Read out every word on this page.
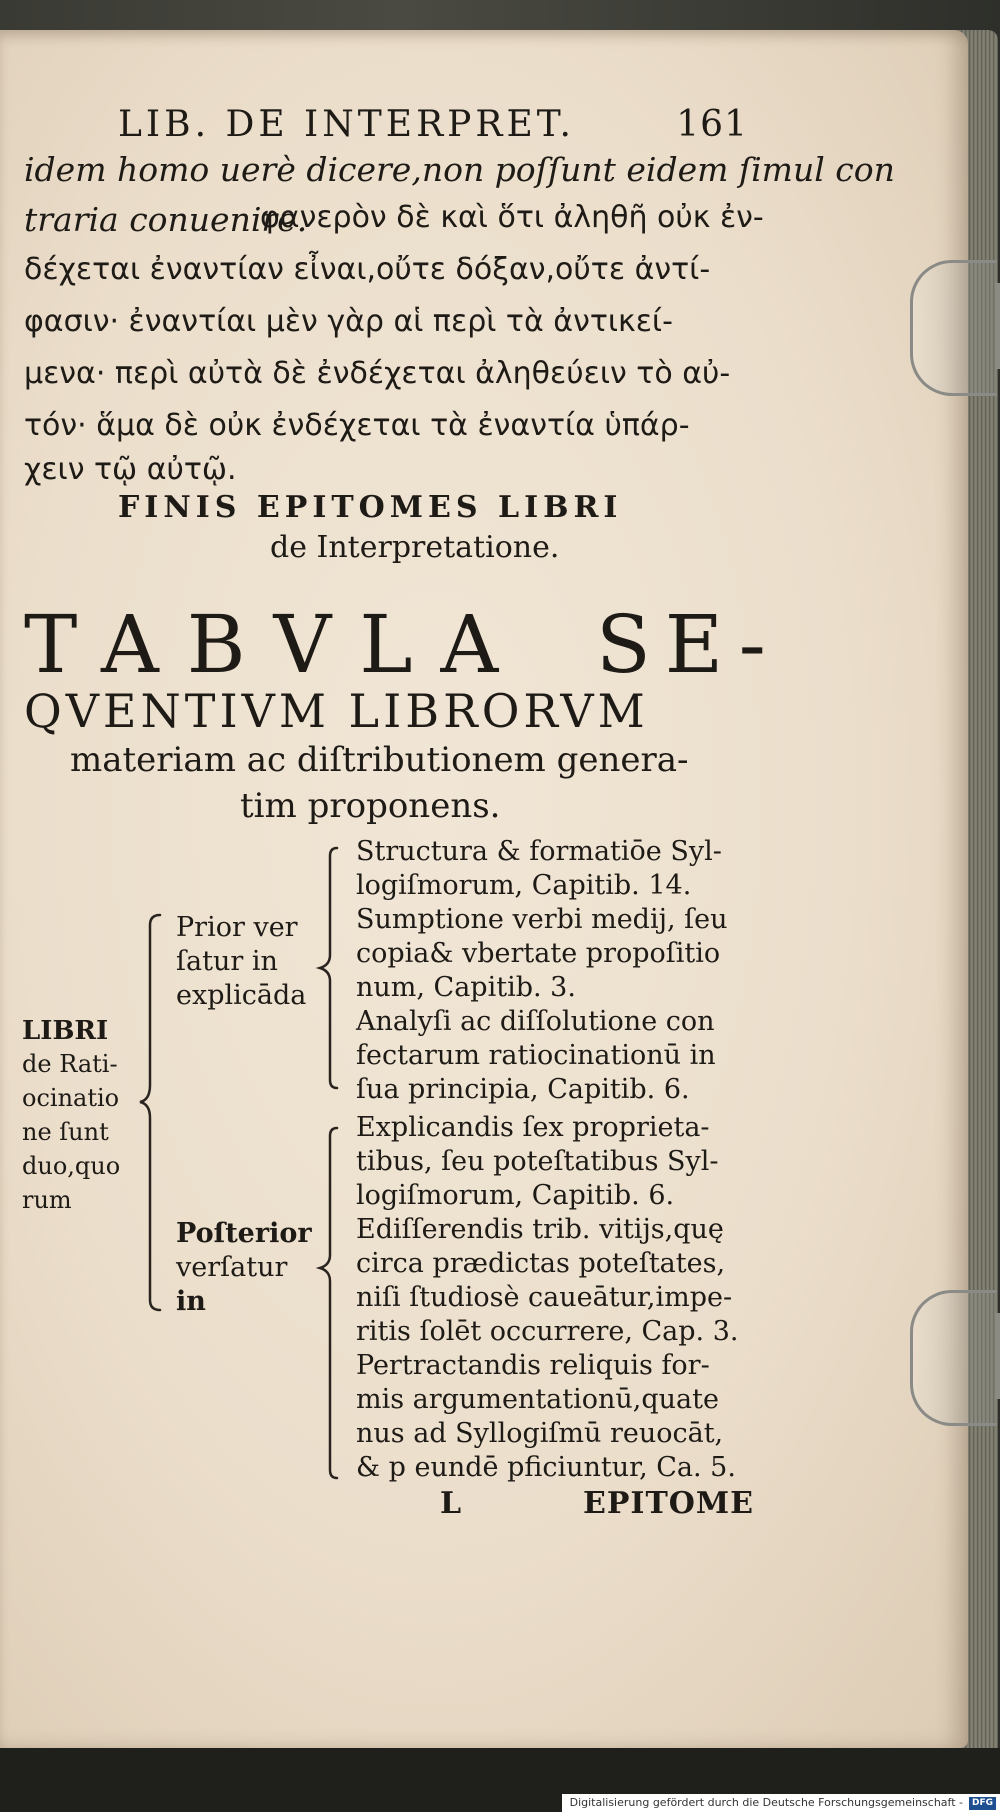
LIB. DE INTERPRET.	161
idem homo uerè dicere,non poſſunt eidem ſimul con
traria conuenire.
φανερὸν δὲ καὶ ὅτι ἀληθῆ οὐκ ἐν-
δέχεται ἐναντίαν εἶναι,οὔτε δόξαν,οὔτε ἀντί-
φασιν· ἐναντίαι μὲν γὰρ αἱ περὶ τὰ ἀντικεί-
μενα· περὶ αὐτὰ δὲ ἐνδέχεται ἀληθεύειν τὸ αὐ-
τόν· ἅμα δὲ οὐκ ἐνδέχεται τὰ ἐναντία ὑπάρ-
χειν τῷ αὐτῷ.
FINIS EPITOMES LIBRI
de Interpretatione.
TABVLA SE-
QVENTIVM LIBRORVM
materiam ac diſtributionem genera-
tim proponens.
LIBRI
de Rati-
ocinatio
ne ſunt
duo,quo
rum
Prior ver
ſatur in
explicāda
Poſterior
verſatur
in
Structura & formatiōe Syl-
logiſmorum, Capitib. 14.
Sumptione verbi medij, ſeu
copia& vbertate propoſitio
num, Capitib. 3.
Analyſi ac diſſolutione con
fectarum ratiocinationū in
ſua principia, Capitib. 6.
Explicandis ſex proprieta-
tibus, ſeu poteſtatibus Syl-
logiſmorum, Capitib. 6.
Ediſſerendis trib. vitijs,quę
circa prædictas poteſtates,
niſi ſtudiosè caueātur,impe-
ritis ſolēt occurrere, Cap. 3.
Pertractandis reliquis for-
mis argumentationū,quate
nus ad Syllogiſmū reuocāt,
& p eundē pficiuntur, Ca. 5.
L	EPITOME
Digitalisierung gefördert durch die Deutsche Forschungsgemeinschaft -	DFG
